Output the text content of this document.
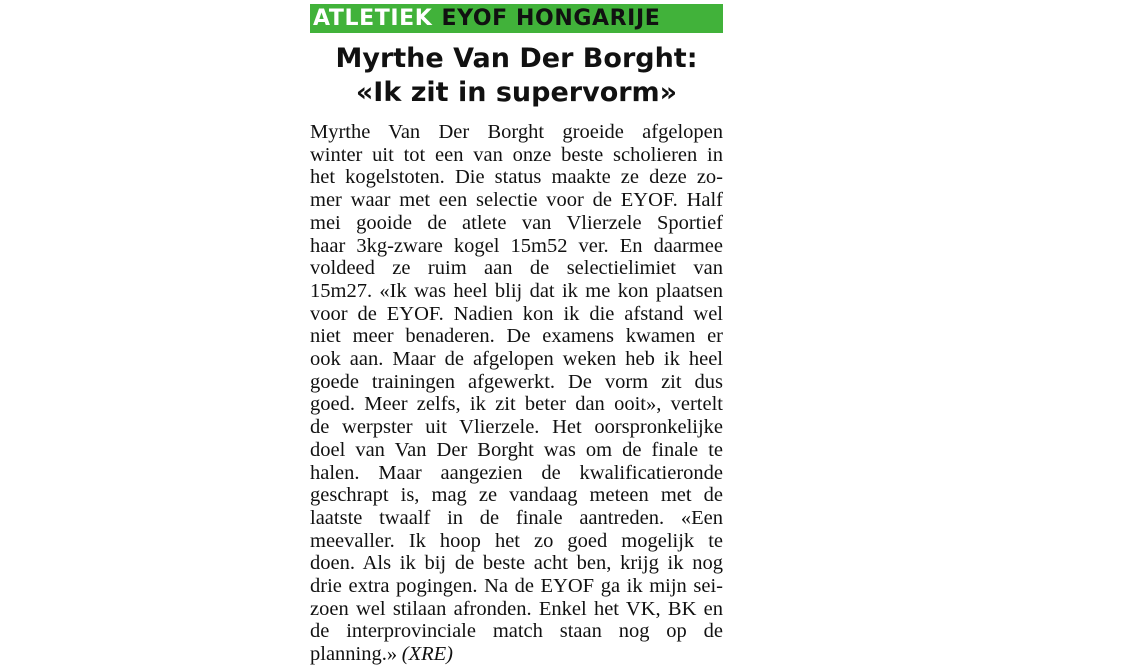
ATLETIEK EYOF HONGARIJE
Myrthe Van Der Borght:
«Ik zit in supervorm»
Myrthe Van Der Borght groeide afgelopen
winter uit tot een van onze beste scholieren in
het kogelstoten. Die status maakte ze deze zo-
mer waar met een selectie voor de EYOF. Half
mei gooide de atlete van Vlierzele Sportief
haar 3kg-zware kogel 15m52 ver. En daarmee
voldeed ze ruim aan de selectielimiet van
15m27. «Ik was heel blij dat ik me kon plaatsen
voor de EYOF. Nadien kon ik die afstand wel
niet meer benaderen. De examens kwamen er
ook aan. Maar de afgelopen weken heb ik heel
goede trainingen afgewerkt. De vorm zit dus
goed. Meer zelfs, ik zit beter dan ooit», vertelt
de werpster uit Vlierzele. Het oorspronkelijke
doel van Van Der Borght was om de finale te
halen. Maar aangezien de kwalificatieronde
geschrapt is, mag ze vandaag meteen met de
laatste twaalf in de finale aantreden. «Een
meevaller. Ik hoop het zo goed mogelijk te
doen. Als ik bij de beste acht ben, krijg ik nog
drie extra pogingen. Na de EYOF ga ik mijn sei-
zoen wel stilaan afronden. Enkel het VK, BK en
de interprovinciale match staan nog op de
planning.» (XRE)
